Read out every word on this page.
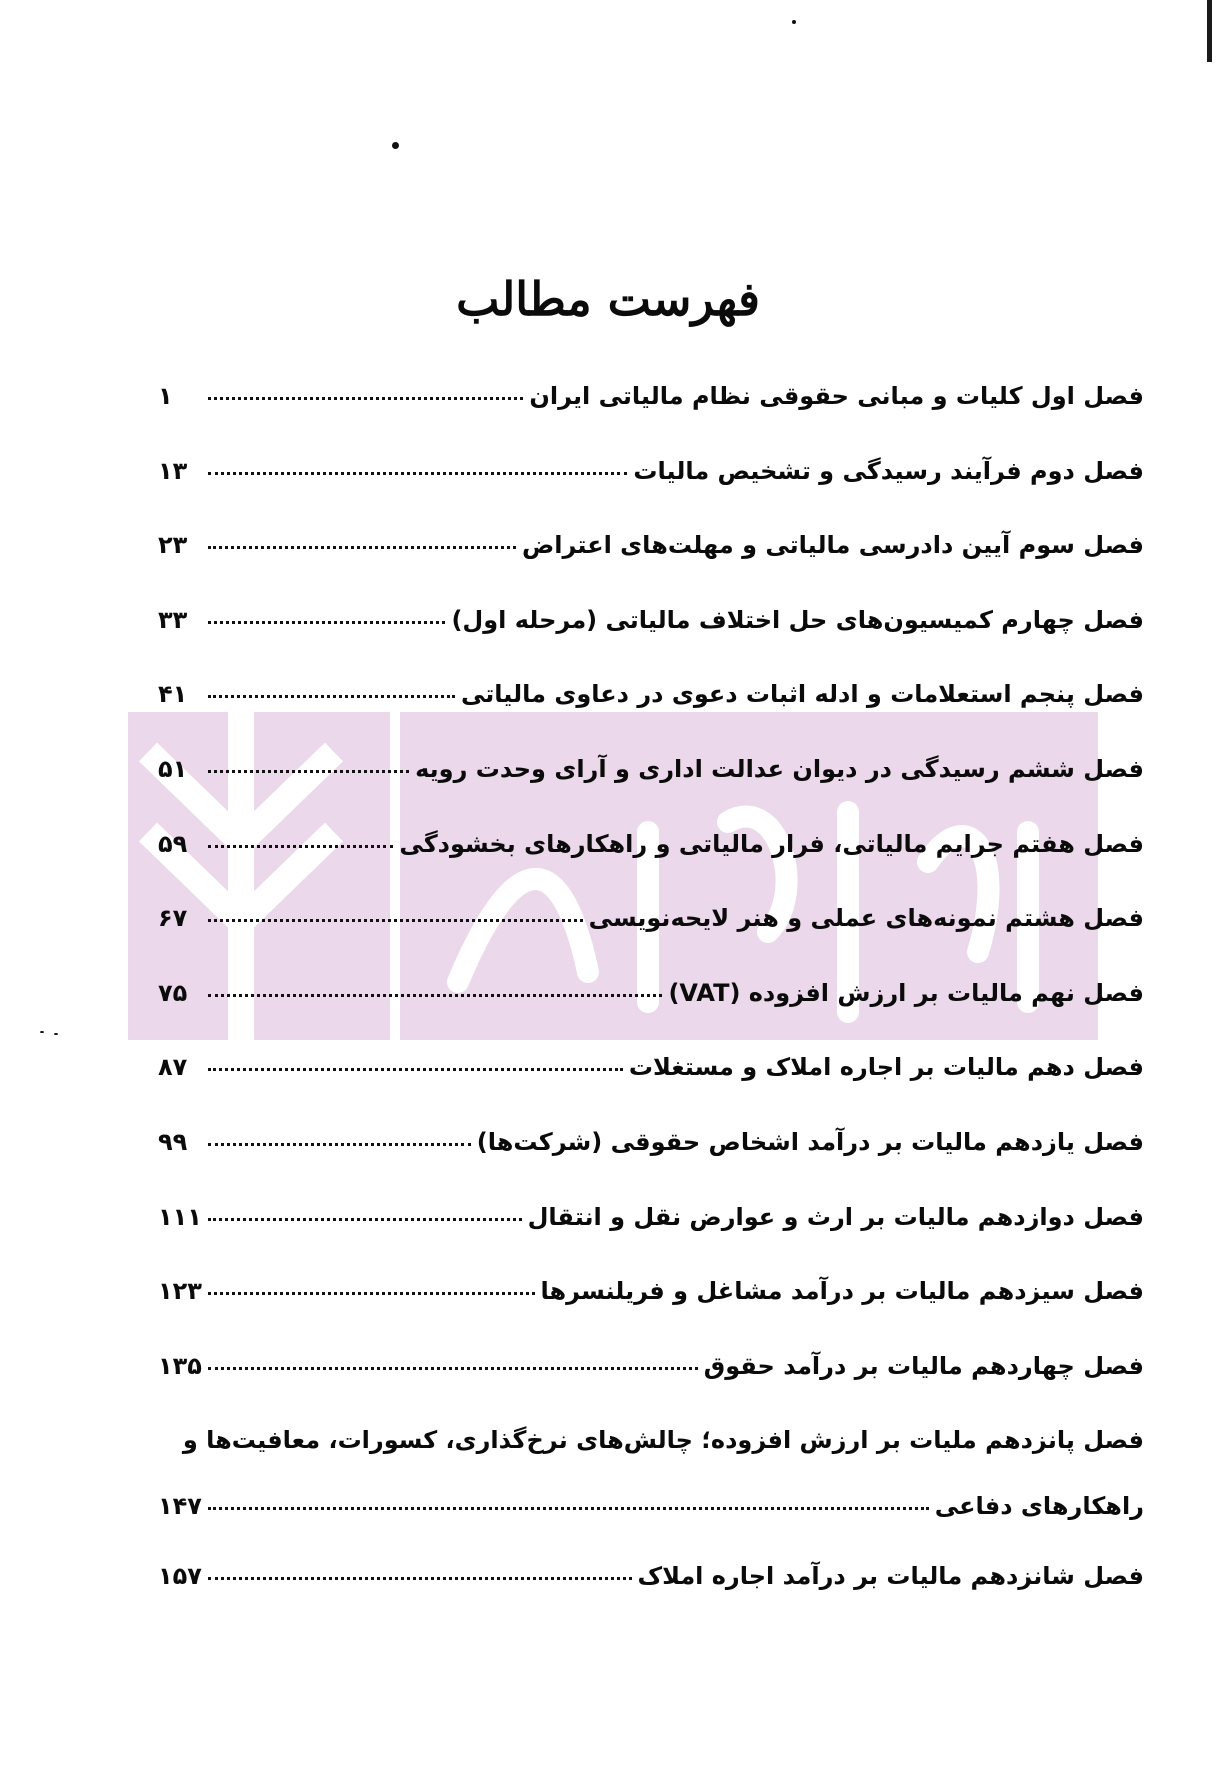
فهرست مطالب
فصل اول کلیات و مبانی حقوقی نظام مالیاتی ایران
۱
فصل دوم فرآیند رسیدگی و تشخیص مالیات
۱۳
فصل سوم آیین دادرسی مالیاتی و مهلت‌های اعتراض
۲۳
فصل چهارم کمیسیون‌های حل اختلاف مالیاتی (مرحله اول)
۳۳
فصل پنجم استعلامات و ادله اثبات دعوی در دعاوی مالیاتی
۴۱
فصل ششم رسیدگی در دیوان عدالت اداری و آرای وحدت رویه
۵۱
فصل هفتم جرایم مالیاتی، فرار مالیاتی و راهکارهای بخشودگی
۵۹
فصل هشتم نمونه‌های عملی و هنر لایحه‌نویسی
۶۷
فصل نهم مالیات بر ارزش افزوده (VAT)
۷۵
فصل دهم مالیات بر اجاره املاک و مستغلات
۸۷
فصل یازدهم مالیات بر درآمد اشخاص حقوقی (شرکت‌ها)
۹۹
فصل دوازدهم مالیات بر ارث و عوارض نقل و انتقال
۱۱۱
فصل سیزدهم مالیات بر درآمد مشاغل و فریلنسرها
۱۲۳
فصل چهاردهم مالیات بر درآمد حقوق
۱۳۵
فصل پانزدهم ملیات بر ارزش افزوده؛ چالش‌های نرخ‌گذاری، کسورات، معافیت‌ها و
راهکارهای دفاعی
۱۴۷
فصل شانزدهم مالیات بر درآمد اجاره املاک
۱۵۷
